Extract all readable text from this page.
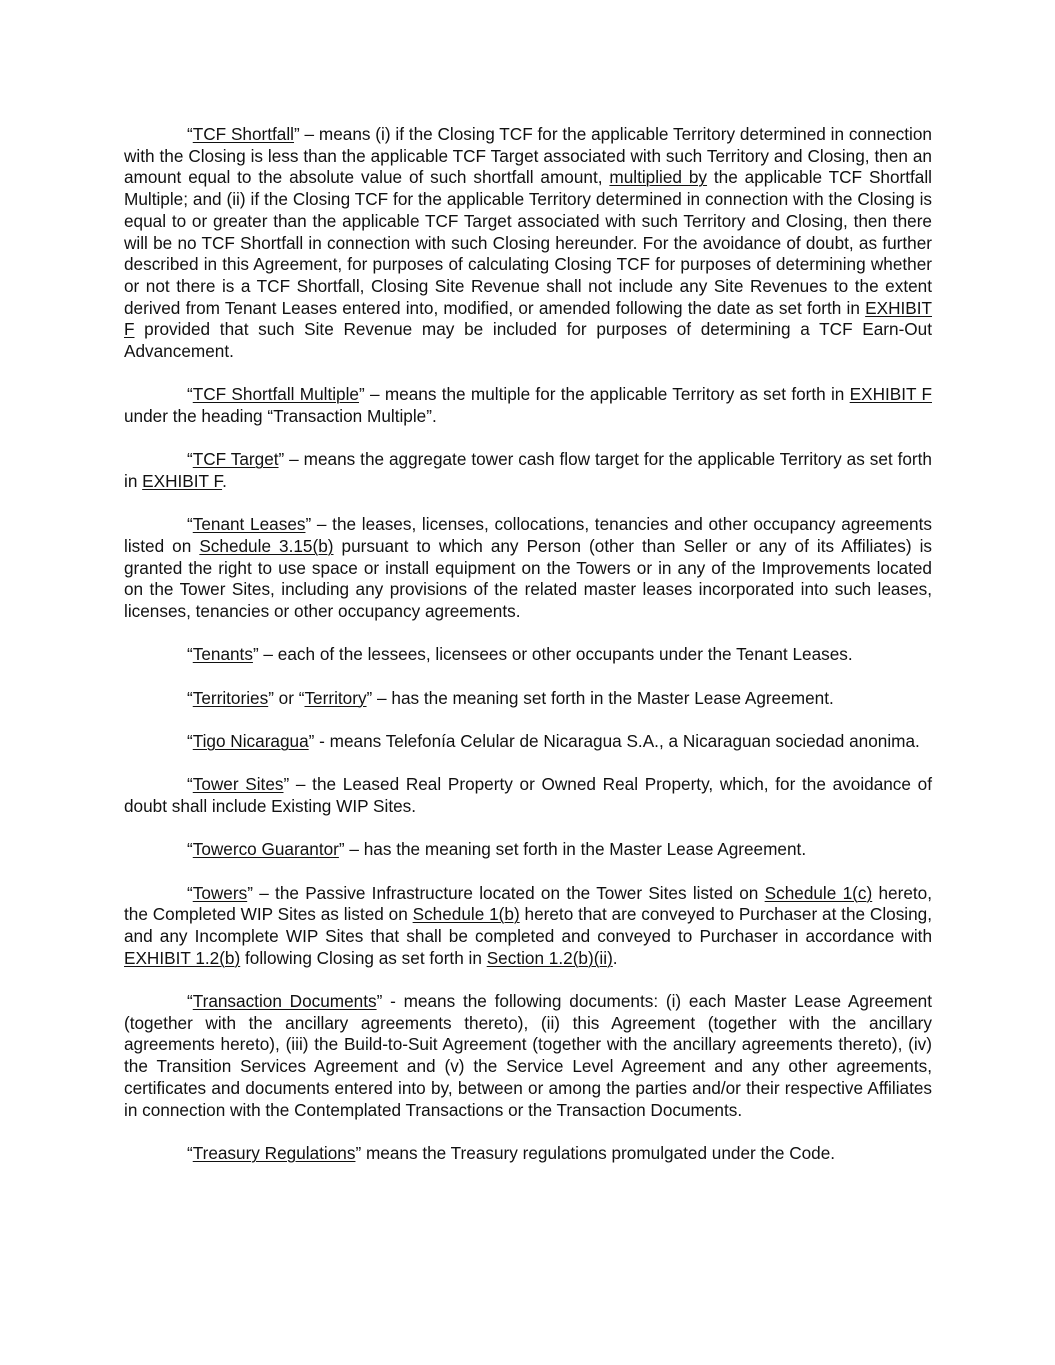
“TCF Shortfall” – means (i) if the Closing TCF for the applicable Territory determined in connection with the Closing is less than the applicable TCF Target associated with such Territory and Closing, then an amount equal to the absolute value of such shortfall amount, multiplied by the applicable TCF Shortfall Multiple; and (ii) if the Closing TCF for the applicable Territory determined in connection with the Closing is equal to or greater than the applicable TCF Target associated with such Territory and Closing, then there will be no TCF Shortfall in connection with such Closing hereunder. For the avoidance of doubt, as further described in this Agreement, for purposes of calculating Closing TCF for purposes of determining whether or not there is a TCF Shortfall, Closing Site Revenue shall not include any Site Revenues to the extent derived from Tenant Leases entered into, modified, or amended following the date as set forth in EXHIBIT F provided that such Site Revenue may be included for purposes of determining a TCF Earn-Out Advancement.

“TCF Shortfall Multiple” – means the multiple for the applicable Territory as set forth in EXHIBIT F under the heading “Transaction Multiple”.

“TCF Target” – means the aggregate tower cash flow target for the applicable Territory as set forth in EXHIBIT F.

“Tenant Leases” – the leases, licenses, collocations, tenancies and other occupancy agreements listed on Schedule 3.15(b) pursuant to which any Person (other than Seller or any of its Affiliates) is granted the right to use space or install equipment on the Towers or in any of the Improvements located on the Tower Sites, including any provisions of the related master leases incorporated into such leases, licenses, tenancies or other occupancy agreements.

“Tenants” – each of the lessees, licensees or other occupants under the Tenant Leases.

“Territories” or “Territory” – has the meaning set forth in the Master Lease Agreement.

“Tigo Nicaragua” - means Telefonía Celular de Nicaragua S.A., a Nicaraguan sociedad anonima.

“Tower Sites” – the Leased Real Property or Owned Real Property, which, for the avoidance of doubt shall include Existing WIP Sites.

“Towerco Guarantor” – has the meaning set forth in the Master Lease Agreement.

“Towers” – the Passive Infrastructure located on the Tower Sites listed on Schedule 1(c) hereto, the Completed WIP Sites as listed on Schedule 1(b) hereto that are conveyed to Purchaser at the Closing, and any Incomplete WIP Sites that shall be completed and conveyed to Purchaser in accordance with EXHIBIT 1.2(b) following Closing as set forth in Section 1.2(b)(ii).

“Transaction Documents” - means the following documents: (i) each Master Lease Agreement (together with the ancillary agreements thereto), (ii) this Agreement (together with the ancillary agreements hereto), (iii) the Build-to-Suit Agreement (together with the ancillary agreements thereto), (iv) the Transition Services Agreement and (v) the Service Level Agreement and any other agreements, certificates and documents entered into by, between or among the parties and/or their respective Affiliates in connection with the Contemplated Transactions or the Transaction Documents.

“Treasury Regulations” means the Treasury regulations promulgated under the Code.
